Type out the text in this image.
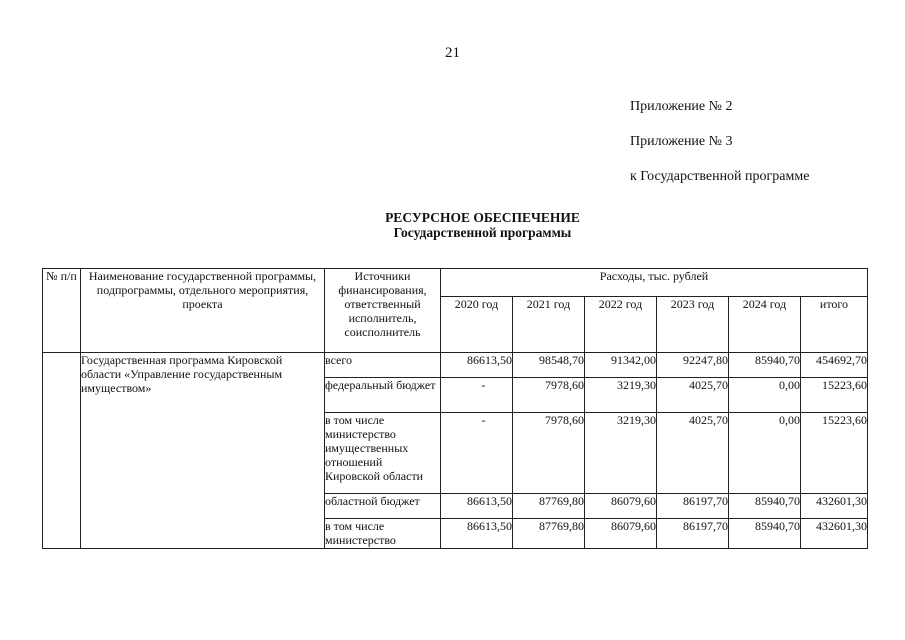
21
Приложение № 2
Приложение № 3
к Государственной программе
РЕСУРСНОЕ ОБЕСПЕЧЕНИЕ
Государственной программы
№ п/п	Наименование государственной программы, подпрограммы, отдельного мероприятия, проекта	Источники финансирования, ответственный исполнитель, соисполнитель	Расходы, тыс. рублей					
			2020 год	2021 год	2022 год	2023 год	2024 год	итого
	Государственная программа Кировской области «Управление государственным имуществом»	всего	86613,50	98548,70	91342,00	92247,80	85940,70	454692,70
		федеральный бюджет	-	7978,60	3219,30	4025,70	0,00	15223,60
		в том числе министерство имущественных отношений Кировской области	-	7978,60	3219,30	4025,70	0,00	15223,60
		областной бюджет	86613,50	87769,80	86079,60	86197,70	85940,70	432601,30
		в том числе министерство	86613,50	87769,80	86079,60	86197,70	85940,70	432601,30
